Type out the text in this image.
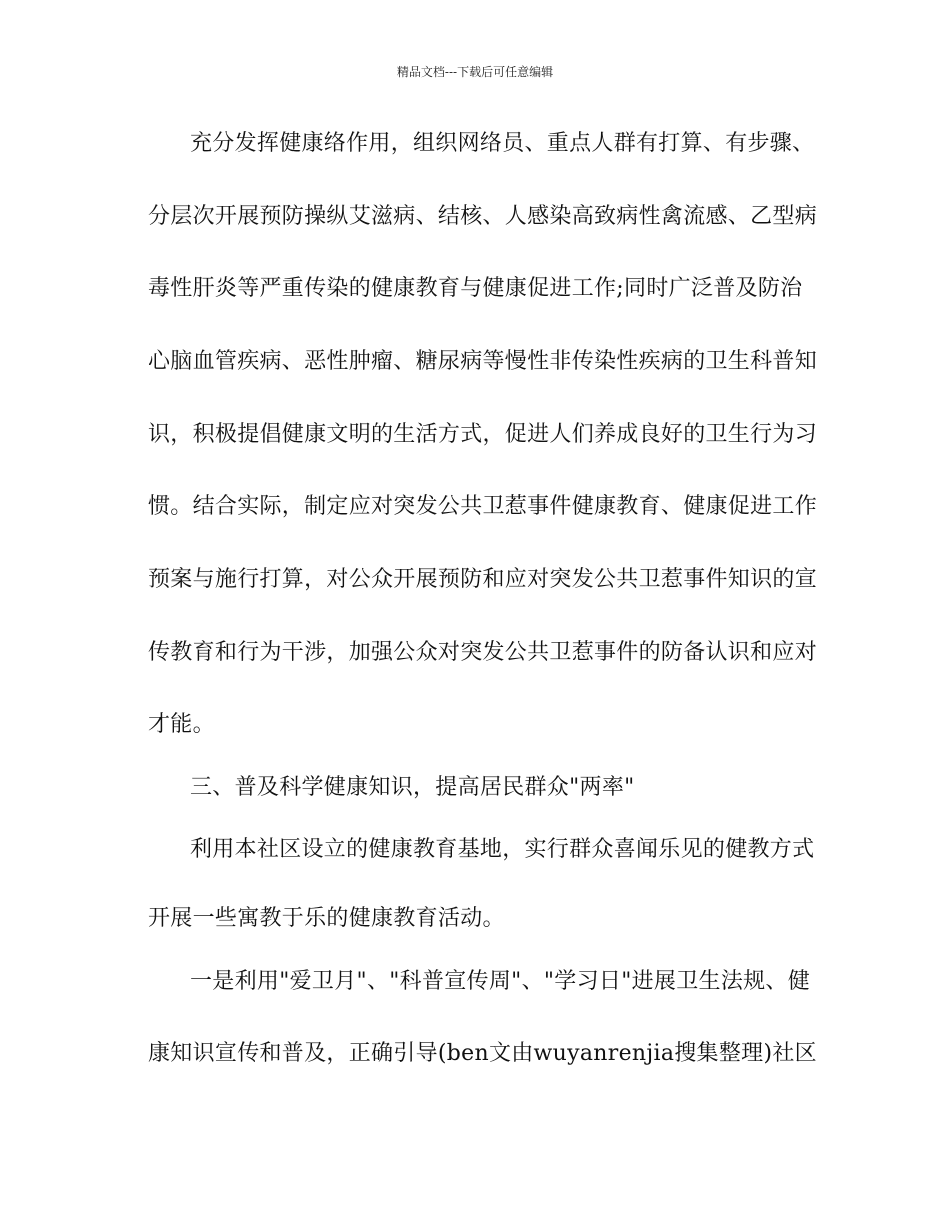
精品文档---下载后可任意编辑
充分发挥健康络作用，组织网络员、重点人群有打算、有步骤、
分层次开展预防操纵艾滋病、结核、人感染高致病性禽流感、乙型病
毒性肝炎等严重传染的健康教育与健康促进工作;同时广泛普及防治
心脑血管疾病、恶性肿瘤、糖尿病等慢性非传染性疾病的卫生科普知
识，积极提倡健康文明的生活方式，促进人们养成良好的卫生行为习
惯。结合实际，制定应对突发公共卫惹事件健康教育、健康促进工作
预案与施行打算，对公众开展预防和应对突发公共卫惹事件知识的宣
传教育和行为干涉，加强公众对突发公共卫惹事件的防备认识和应对
才能。
三、普及科学健康知识，提高居民群众"两率"
利用本社区设立的健康教育基地，实行群众喜闻乐见的健教方式
开展一些寓教于乐的健康教育活动。
一是利用"爱卫月"、"科普宣传周"、"学习日"进展卫生法规、健
康知识宣传和普及，正确引导(ben文由wuyanrenjia搜集整理)社区
